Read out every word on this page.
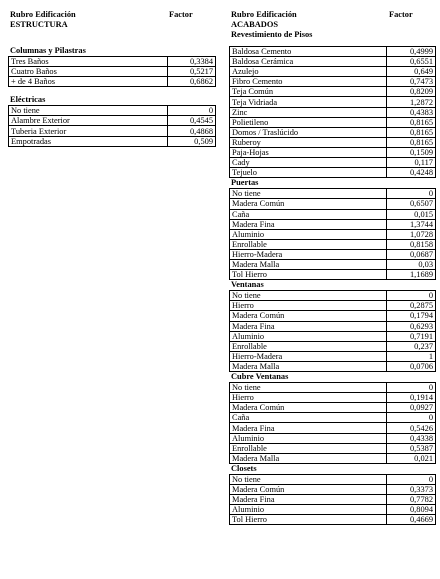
Rubro Edificación
ESTRUCTURA
Factor
Columnas y Pilastras
Tres Baños	0,3384
Cuatro Baños	0,5217
+ de 4 Baños	0,6862
Eléctricas
No tiene	0
Alambre Exterior	0,4545
Tuberia Exterior	0,4868
Empotradas	0,509
Rubro Edificación
ACABADOS
Revestimiento de Pisos
Factor
Baldosa Cemento	0,4999
Baldosa Cerámica	0,6551
Azulejo	0,649
Fibro Cemento	0,7473
Teja Común	0,8209
Teja Vidriada	1,2872
Zinc	0,4383
Polietileno	0,8165
Domos / Traslúcido	0,8165
Ruberoy	0,8165
Paja-Hojas	0,1509
Cady	0,117
Tejuelo	0,4248
Puertas
No tiene	0
Madera Común	0,6507
Caña	0,015
Madera Fina	1,3744
Aluminio	1,0728
Enrollable	0,8158
Hierro-Madera	0,0687
Madera Malla	0,03
Tol Hierro	1,1689
Ventanas
No tiene	0
Hierro	0,2875
Madera Común	0,1794
Madera Fina	0,6293
Aluminio	0,7191
Enrollable	0,237
Hierro-Madera	1
Madera Malla	0,0706
Cubre Ventanas
No tiene	0
Hierro	0,1914
Madera Común	0,0927
Caña	0
Madera Fina	0,5426
Aluminio	0,4338
Enrollable	0,5387
Madera Malla	0,021
Closets
No tiene	0
Madera Común	0,3373
Madera Fina	0,7782
Aluminio	0,8094
Tol Hierro	0,4669
